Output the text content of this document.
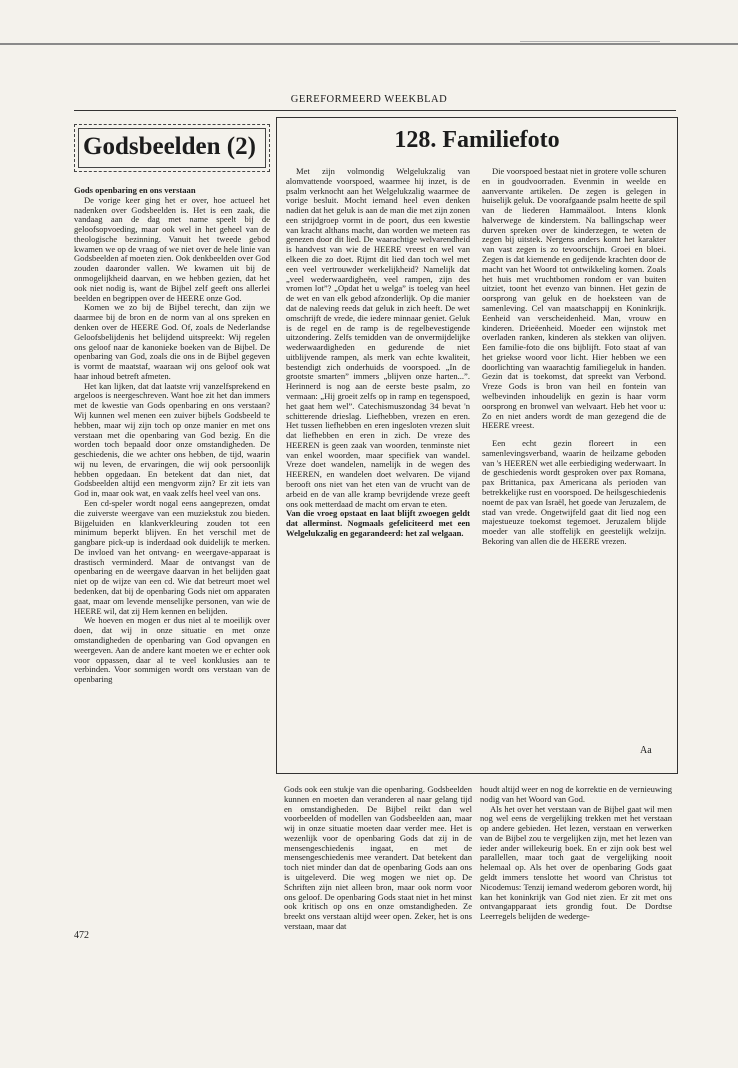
GEREFORMEERD WEEKBLAD
Godsbeelden (2)

Gods openbaring en ons verstaan

De vorige keer ging het er over, hoe actueel het nadenken over Godsbeelden is. Het is een zaak, die vandaag aan de dag met name speelt bij de geloofsopvoeding, maar ook wel in het geheel van de theologische bezinning. Vanuit het tweede gebod kwamen we op de vraag of we niet over de hele linie van Godsbeelden af moeten zien. Ook denkbeelden over God zouden daaronder vallen. We kwamen uit bij de onmogelijkheid daarvan, en we hebben gezien, dat het ook niet nodig is, want de Bijbel zelf geeft ons allerlei beelden en begrippen over de HEERE onze God.

Komen we zo bij de Bijbel terecht, dan zijn we daarmee bij de bron en de norm van al ons spreken en denken over de HEERE God. Of, zoals de Nederlandse Geloofsbelijdenis het belijdend uitspreekt: Wij regelen ons geloof naar de kanonieke boeken van de Bijbel. De openbaring van God, zoals die ons in de Bijbel gegeven is vormt de maatstaf, waaraan wij ons geloof ook wat haar inhoud betreft afmeten.

Het kan lijken, dat dat laatste vrij vanzelfsprekend en argeloos is neergeschreven. Want hoe zit het dan immers met de kwestie van Gods openbaring en ons verstaan? Wij kunnen wel menen een zuiver bijbels Godsbeeld te hebben, maar wij zijn toch op onze manier en met ons verstaan met die openbaring van God bezig. En die worden toch bepaald door onze omstandigheden. De geschiedenis, die we achter ons hebben, de tijd, waarin wij nu leven, de ervaringen, die wij ook persoonlijk hebben opgedaan. En betekent dat dan niet, dat Godsbeelden altijd een mengvorm zijn? Er zit iets van God in, maar ook wat, en vaak zelfs heel veel van ons.

Een cd-speler wordt nogal eens aangeprezen, omdat die zuiverste weergave van een muziekstuk zou bieden. Bijgeluiden en klankverkleuring zouden tot een minimum beperkt blijven. En het verschil met de gangbare pick-up is inderdaad ook duidelijk te merken. De invloed van het ontvang- en weergave-apparaat is drastisch verminderd. Maar de ontvangst van de openbaring en de weergave daarvan in het belijden gaat niet op de wijze van een cd. Wie dat betreurt moet wel bedenken, dat bij de openbaring Gods niet om apparaten gaat, maar om levende menselijke personen, van wie de HEERE wil, dat zij Hem kennen en belijden.

We hoeven en mogen er dus niet al te moeilijk over doen, dat wij in onze situatie en met onze omstandigheden de openbaring van God opvangen en weergeven. Aan de andere kant moeten we er echter ook voor oppassen, daar al te veel konklusies aan te verbinden. Voor sommigen wordt ons verstaan van de openbaring

128. Familiefoto

Met zijn volmondig Welgelukzalig van alomvattende voorspoed, waarmee hij inzet, is de psalm verknocht aan het Welgelukzalig waarmee de vorige besluit. Mocht iemand heel even denken nadien dat het geluk is aan de man die met zijn zonen een strijdgroep vormt in de poort, dus een kwestie van kracht althans macht, dan worden we meteen ras genezen door dit lied. De waarachtige welvarendheid is handvest van wie de HEERE vreest en wel van elkeen die zo doet. Rijmt dit lied dan toch wel met een veel vertrouwder werkelijkheid? Namelijk dat „veel wederwaardigheën, veel rampen, zijn des vromen lot”? „Opdat het u welga” is toeleg van heel de wet en van elk gebod afzonderlijk. Op die manier dat de naleving reeds dat geluk in zich heeft. De wet omschrijft de vrede, die iedere minnaar geniet. Geluk is de regel en de ramp is de regelbevestigende uitzondering. Zelfs temidden van de onvermijdelijke wederwaardigheden en gedurende de niet uitblijvende rampen, als merk van echte kwaliteit, bestendigt zich onderhuids de voorspoed. „In de grootste smarten” immers „blijven onze harten...”. Herinnerd is nog aan de eerste beste psalm, zo vermaan: „Hij groeit zelfs op in ramp en tegenspoed, het gaat hem wel”. Catechismuszondag 34 bevat 'n schitterende drieslag. Liefhebben, vrezen en eren. Het tussen liefhebben en eren ingesloten vrezen sluit dat liefhebben en eren in zich. De vreze des HEEREN is geen zaak van woorden, tenminste niet van enkel woorden, maar specifiek van wandel. Vreze doet wandelen, namelijk in de wegen des HEEREN, en wandelen doet welvaren. De vijand berooft ons niet van het eten van de vrucht van de arbeid en de van alle kramp bevrijdende vreze geeft ons ook metterdaad de macht om ervan te eten.

Van die vroeg opstaat en laat blijft zwoegen geldt dat allerminst. Nogmaals gefeliciteerd met een Welgelukzalig en gegarandeerd: het zal welgaan.

Die voorspoed bestaat niet in grotere volle schuren en in goudvoorraden. Evenmin in weelde en aanvervante artikelen. De zegen is gelegen in huiselijk geluk. De voorafgaande psalm heette de spil van de liederen Hammaäloot. Intens klonk halverwege de kinderstem. Na ballingschap weer durven spreken over de kinderzegen, te weten de zegen bij uitstek. Nergens anders komt het karakter van vast zegen is zo tevoorschijn. Groei en bloei. Zegen is dat kiemende en gedijende krachten door de macht van het Woord tot ontwikkeling komen. Zoals het huis met vruchtbomen rondom er van buiten uitziet, toont het evenzo van binnen. Het gezin de oorsprong van geluk en de hoeksteen van de samenleving. Cel van maatschappij en Koninkrijk. Eenheid van verscheidenheid. Man, vrouw en kinderen. Drieëenheid. Moeder een wijnstok met overladen ranken, kinderen als stekken van olijven. Een familie-foto die ons bijblijft. Foto staat af van het griekse woord voor licht. Hier hebben we een doorlichting van waarachtig familiegeluk in handen. Gezin dat is toekomst, dat spreekt van Verbond. Vreze Gods is bron van heil en fontein van welbevinden inhoudelijk en gezin is haar vorm oorsprong en bronwel van welvaart. Heb het voor u: Zo en niet anders wordt de man gezegend die de HEERE vreest.

Een echt gezin floreert in een samenlevingsverband, waarin de heilzame geboden van 's HEEREN wet alle eerbiediging wederwaart. In de geschiedenis wordt gesproken over pax Romana, pax Brittanica, pax Americana als perioden van betrekkelijke rust en voorspoed. De heilsgeschiedenis noemt de pax van Israël, het goede van Jeruzalem, de stad van vrede. Ongetwijfeld gaat dit lied nog een majestueuze toekomst tegemoet. Jeruzalem blijde moeder van alle stoffelijk en geestelijk welzijn. Bekoring van allen die de HEERE vrezen.

Aa

Gods ook een stukje van die openbaring. Godsbeelden kunnen en moeten dan veranderen al naar gelang tijd en omstandigheden. De Bijbel reikt dan wel voorbeelden of modellen van Godsbeelden aan, maar wij in onze situatie moeten daar verder mee. Het is wezenlijk voor de openbaring Gods dat zij in de mensengeschiedenis ingaat, en met de mensengeschiedenis mee verandert. Dat betekent dan toch niet minder dan dat de openbaring Gods aan ons is uitgeleverd. Die weg mogen we niet op. De Schriften zijn niet alleen bron, maar ook norm voor ons geloof. De openbaring Gods staat niet in het minst ook kritisch op ons en onze omstandigheden. Ze breekt ons verstaan altijd weer open. Zeker, het is ons verstaan, maar dat

houdt altijd weer en nog de korrektie en de vernieuwing nodig van het Woord van God.

Als het over het verstaan van de Bijbel gaat wil men nog wel eens de vergelijking trekken met het verstaan op andere gebieden. Het lezen, verstaan en verwerken van de Bijbel zou te vergelijken zijn, met het lezen van ieder ander willekeurig boek. En er zijn ook best wel parallellen, maar toch gaat de vergelijking nooit helemaal op. Als het over de openbaring Gods gaat geldt immers tenslotte het woord van Christus tot Nicodemus: Tenzij iemand wederom geboren wordt, hij kan het koninkrijk van God niet zien. Er zit met ons ontvangapparaat iets grondig fout. De Dordtse Leerregels belijden de wederge-

472
